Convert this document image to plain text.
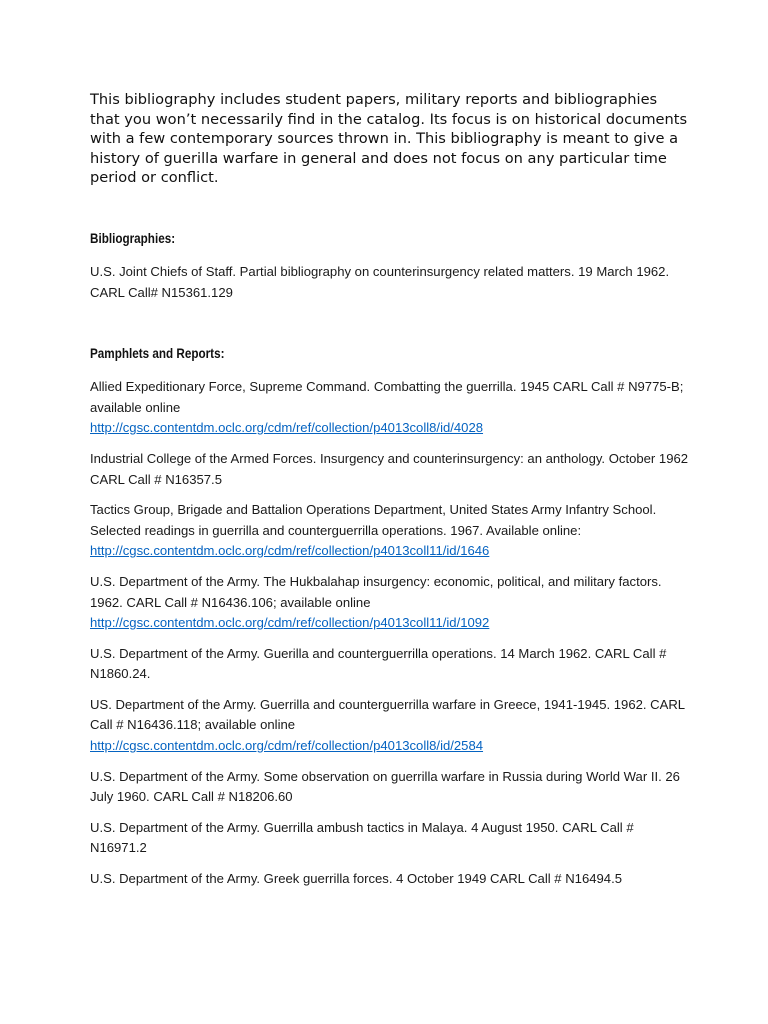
This bibliography includes student papers, military reports and bibliographies that you won’t necessarily find in the catalog. Its focus is on historical documents with a few contemporary sources thrown in. This bibliography is meant to give a history of guerilla warfare in general and does not focus on any particular time period or conflict.

Bibliographies:
U.S. Joint Chiefs of Staff. Partial bibliography on counterinsurgency related matters. 19 March 1962. CARL Call# N15361.129
Pamphlets and Reports:
Allied Expeditionary Force, Supreme Command. Combatting the guerrilla. 1945 CARL Call # N9775-B; available online
http://cgsc.contentdm.oclc.org/cdm/ref/collection/p4013coll8/id/4028
Industrial College of the Armed Forces. Insurgency and counterinsurgency: an anthology. October 1962 CARL Call # N16357.5
Tactics Group, Brigade and Battalion Operations Department, United States Army Infantry School. Selected readings in guerrilla and counterguerrilla operations. 1967. Available online:
http://cgsc.contentdm.oclc.org/cdm/ref/collection/p4013coll11/id/1646
U.S. Department of the Army. The Hukbalahap insurgency: economic, political, and military factors. 1962. CARL Call # N16436.106; available online
http://cgsc.contentdm.oclc.org/cdm/ref/collection/p4013coll11/id/1092
U.S. Department of the Army. Guerilla and counterguerrilla operations. 14 March 1962. CARL Call # N1860.24.
US. Department of the Army. Guerrilla and counterguerrilla warfare in Greece, 1941-1945. 1962. CARL Call # N16436.118; available online
http://cgsc.contentdm.oclc.org/cdm/ref/collection/p4013coll8/id/2584
U.S. Department of the Army. Some observation on guerrilla warfare in Russia during World War II. 26 July 1960. CARL Call # N18206.60
U.S. Department of the Army. Guerrilla ambush tactics in Malaya. 4 August 1950. CARL Call # N16971.2
U.S. Department of the Army. Greek guerrilla forces. 4 October 1949 CARL Call # N16494.5
